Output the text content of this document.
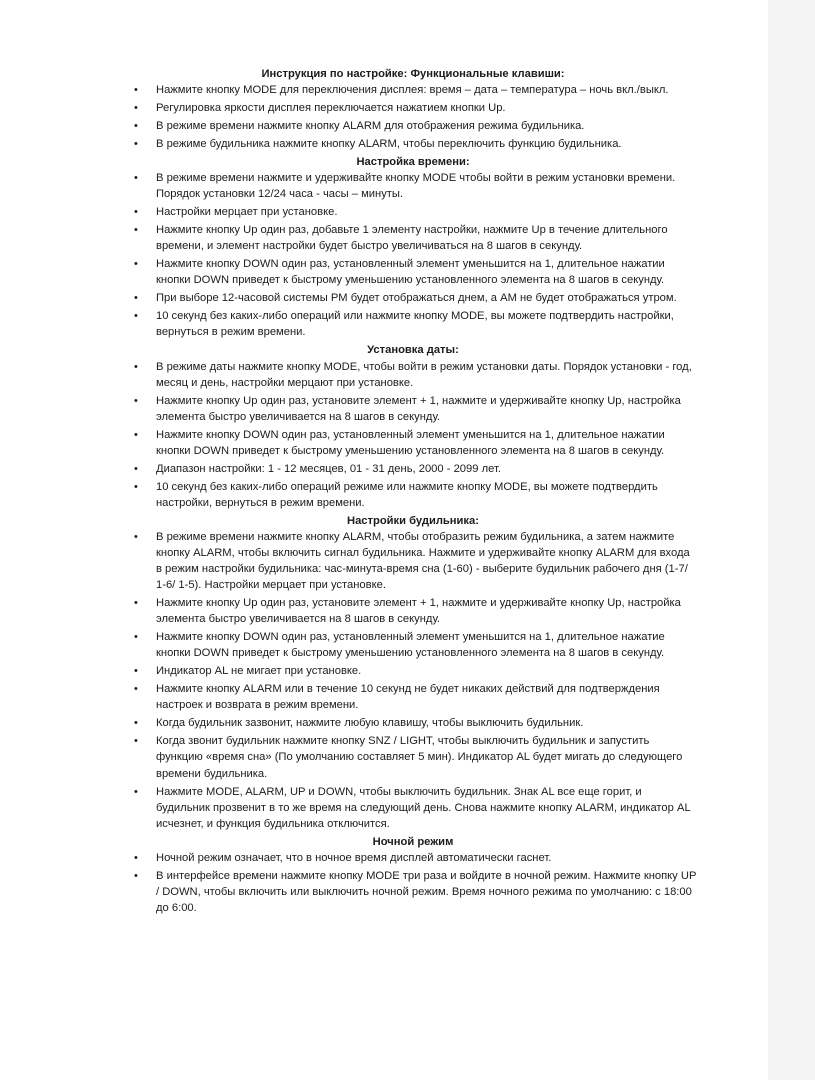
Инструкция по настройке: Функциональные клавиши:
• Нажмите кнопку MODE для переключения дисплея: время – дата – температура – ночь вкл./выкл.
• Регулировка яркости дисплея переключается нажатием кнопки Up.
• В режиме времени нажмите кнопку ALARM для отображения режима будильника.
• В режиме будильника нажмите кнопку ALARM, чтобы переключить функцию будильника.
Настройка времени:
• В режиме времени нажмите и удерживайте кнопку MODE чтобы войти в режим установки времени. Порядок установки 12/24 часа - часы – минуты.
• Настройки мерцает при установке.
• Нажмите кнопку Up один раз, добавьте 1 элементу настройки, нажмите Up в течение длительного времени, и элемент настройки будет быстро увеличиваться на 8 шагов в секунду.
• Нажмите кнопку DOWN один раз, установленный элемент уменьшится на 1, длительное нажатии кнопки DOWN приведет к быстрому уменьшению установленного элемента на 8 шагов в секунду.
• При выборе 12-часовой системы PM будет отображаться днем, а AM не будет отображаться утром.
• 10 секунд без каких-либо операций или нажмите кнопку MODE, вы можете подтвердить настройки, вернуться в режим времени.
Установка даты:
• В режиме даты нажмите кнопку MODE, чтобы войти в режим установки даты. Порядок установки - год, месяц и день, настройки мерцают при установке.
• Нажмите кнопку Up один раз, установите элемент + 1, нажмите и удерживайте кнопку Up, настройка элемента быстро увеличивается на 8 шагов в секунду.
• Нажмите кнопку DOWN один раз, установленный элемент уменьшится на 1, длительное нажатии кнопки DOWN приведет к быстрому уменьшению установленного элемента на 8 шагов в секунду.
• Диапазон настройки: 1 - 12 месяцев, 01 - 31 день, 2000 - 2099 лет.
• 10 секунд без каких-либо операций режиме или нажмите кнопку MODE, вы можете подтвердить настройки, вернуться в режим времени.
Настройки будильника:
• В режиме времени нажмите кнопку ALARM, чтобы отобразить режим будильника, а затем нажмите кнопку ALARM, чтобы включить сигнал будильника. Нажмите и удерживайте кнопку ALARM для входа в режим настройки будильника: час-минута-время сна (1-60) - выберите будильник рабочего дня (1-7/ 1-6/ 1-5). Настройки мерцает при установке.
• Нажмите кнопку Up один раз, установите элемент + 1, нажмите и удерживайте кнопку Up, настройка элемента быстро увеличивается на 8 шагов в секунду.
• Нажмите кнопку DOWN один раз, установленный элемент уменьшится на 1, длительное нажатие кнопки DOWN приведет к быстрому уменьшению установленного элемента на 8 шагов в секунду.
• Индикатор AL не мигает при установке.
• Нажмите кнопку ALARM или в течение 10 секунд не будет никаких действий для подтверждения настроек и возврата в режим времени.
• Когда будильник зазвонит, нажмите любую клавишу, чтобы выключить будильник.
• Когда звонит будильник нажмите кнопку SNZ / LIGHT, чтобы выключить будильник и запустить функцию «время сна» (По умолчанию составляет 5 мин). Индикатор AL будет мигать до следующего времени будильника.
• Нажмите MODE, ALARM, UP и DOWN, чтобы выключить будильник. Знак AL все еще горит, и будильник прозвенит в то же время на следующий день. Снова нажмите кнопку ALARM, индикатор AL исчезнет, и функция будильника отключится.
Ночной режим
• Ночной режим означает, что в ночное время дисплей автоматически гаснет.
• В интерфейсе времени нажмите кнопку MODE три раза и войдите в ночной режим. Нажмите кнопку UP / DOWN, чтобы включить или выключить ночной режим. Время ночного режима по умолчанию: с 18:00 до 6:00.
